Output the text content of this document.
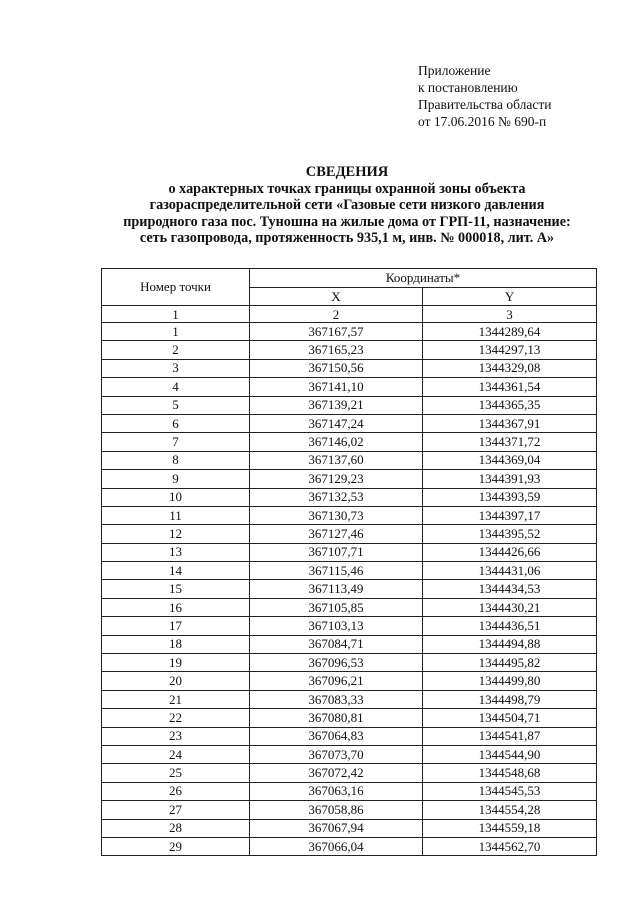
Приложение
к постановлению
Правительства области
от 17.06.2016 № 690-п
СВЕДЕНИЯ
о характерных точках границы охранной зоны объекта
газораспределительной сети «Газовые сети низкого давления
природного газа пос. Туношна на жилые дома от ГРП-11, назначение:
сеть газопровода, протяженность 935,1 м, инв. № 000018, лит. А»
Номер точки	Координаты*	
	X	Y
1	2	3
1	367167,57	1344289,64
2	367165,23	1344297,13
3	367150,56	1344329,08
4	367141,10	1344361,54
5	367139,21	1344365,35
6	367147,24	1344367,91
7	367146,02	1344371,72
8	367137,60	1344369,04
9	367129,23	1344391,93
10	367132,53	1344393,59
11	367130,73	1344397,17
12	367127,46	1344395,52
13	367107,71	1344426,66
14	367115,46	1344431,06
15	367113,49	1344434,53
16	367105,85	1344430,21
17	367103,13	1344436,51
18	367084,71	1344494,88
19	367096,53	1344495,82
20	367096,21	1344499,80
21	367083,33	1344498,79
22	367080,81	1344504,71
23	367064,83	1344541,87
24	367073,70	1344544,90
25	367072,42	1344548,68
26	367063,16	1344545,53
27	367058,86	1344554,28
28	367067,94	1344559,18
29	367066,04	1344562,70
